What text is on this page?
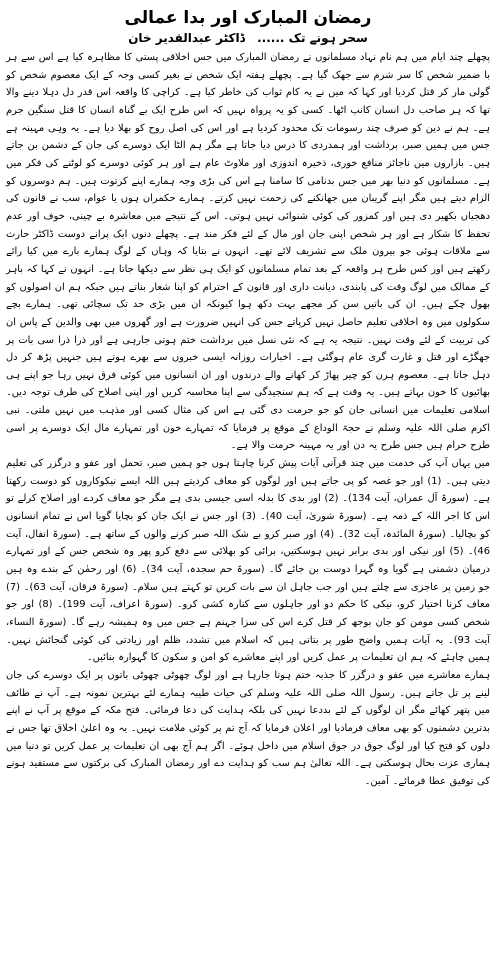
رمضان المبارک اور بدا عمالی
سحر ہونے تک ...... ڈاکٹر عبدالقدیر خان

پچھلے چند ایام میں ہم نام نہاد مسلمانوں نے رمضان المبارک میں جس اخلاقی پستی کا مظاہرہ کیا ہے اس سے ہر با ضمیر شخص کا سر شرم سے جھک گیا ہے۔ پچھلے ہفتہ ایک شخص نے بغیر کسی وجہ کے ایک معصوم شخص کو گولی مار کر قتل کردیا اور کہا کہ میں نے یہ کام ثواب کی خاطر کیا ہے۔ کراچی کا واقعہ اس قدر دل دہلا دینے والا تھا کہ ہر صاحب دل انسان کانپ اٹھا۔ کسی کو یہ پرواہ نہیں کہ اس طرح ایک بے گناہ انسان کا قتل سنگین جرم ہے۔ ہم نے دین کو صرف چند رسومات تک محدود کردیا ہے اور اس کی اصل روح کو بھلا دیا ہے۔ یہ وہی مہینہ ہے جس میں ہمیں صبر، برداشت اور ہمدردی کا درس دیا جاتا ہے مگر ہم الٹا ایک دوسرے کی جان کے دشمن بن جاتے ہیں۔ بازاروں میں ناجائز منافع خوری، ذخیرہ اندوزی اور ملاوٹ عام ہے اور ہر کوئی دوسرے کو لوٹنے کی فکر میں ہے۔ مسلمانوں کو دنیا بھر میں جس بدنامی کا سامنا ہے اس کی بڑی وجہ ہمارے اپنے کرتوت ہیں۔ ہم دوسروں کو الزام دیتے ہیں مگر اپنے گریبان میں جھانکنے کی زحمت نہیں کرتے۔ ہمارے حکمران ہوں یا عوام، سب نے قانون کی دھجیاں بکھیر دی ہیں اور کمزور کی کوئی شنوائی نہیں ہوتی۔ اس کے نتیجے میں معاشرہ بے چینی، خوف اور عدم تحفظ کا شکار ہے اور ہر شخص اپنی جان اور مال کے لئے فکر مند ہے۔ پچھلے دنوں ایک پرانے دوست ڈاکٹر حارث سے ملاقات ہوئی جو بیرون ملک سے تشریف لائے تھے۔ انہوں نے بتایا کہ وہاں کے لوگ ہمارے بارے میں کیا رائے رکھتے ہیں اور کس طرح ہر واقعہ کے بعد تمام مسلمانوں کو ایک ہی نظر سے دیکھا جاتا ہے۔ انہوں نے کہا کہ باہر کے ممالک میں لوگ وقت کی پابندی، دیانت داری اور قانون کے احترام کو اپنا شعار بناتے ہیں جبکہ ہم ان اصولوں کو بھول چکے ہیں۔ ان کی باتیں سن کر مجھے بہت دکھ ہوا کیونکہ ان میں بڑی حد تک سچائی تھی۔ ہمارے بچے سکولوں میں وہ اخلاقی تعلیم حاصل نہیں کرپاتے جس کی انہیں ضرورت ہے اور گھروں میں بھی والدین کے پاس ان کی تربیت کے لئے وقت نہیں۔ نتیجہ یہ ہے کہ نئی نسل میں برداشت ختم ہوتی جارہی ہے اور ذرا ذرا سی بات پر جھگڑے اور قتل و غارت گری عام ہوگئی ہے۔ اخبارات روزانہ ایسی خبروں سے بھرے ہوتے ہیں جنہیں پڑھ کر دل دہل جاتا ہے۔ معصوم ہرن کو چیر پھاڑ کر کھانے والے درندوں اور ان انسانوں میں کوئی فرق نہیں رہا جو اپنے ہی بھائیوں کا خون بہاتے ہیں۔ یہ وقت ہے کہ ہم سنجیدگی سے اپنا محاسبہ کریں اور اپنی اصلاح کی طرف توجہ دیں۔ اسلامی تعلیمات میں انسانی جان کو جو حرمت دی گئی ہے اس کی مثال کسی اور مذہب میں نہیں ملتی۔ نبی اکرم صلی اللہ علیہ وسلم نے حجۃ الوداع کے موقع پر فرمایا کہ تمہارے خون اور تمہارے مال ایک دوسرے پر اسی طرح حرام ہیں جس طرح یہ دن اور یہ مہینہ حرمت والا ہے۔

میں یہاں آپ کی خدمت میں چند قرآنی آیات پیش کرنا چاہتا ہوں جو ہمیں صبر، تحمل اور عفو و درگزر کی تعلیم دیتی ہیں۔ (1) اور جو غصہ کو پی جاتے ہیں اور لوگوں کو معاف کردیتے ہیں اللہ ایسے نیکوکاروں کو دوست رکھتا ہے۔ (سورۃ آل عمران، آیت 134)۔ (2) اور بدی کا بدلہ اسی جیسی بدی ہے مگر جو معاف کردے اور اصلاح کرلے تو اس کا اجر اللہ کے ذمہ ہے۔ (سورۃ شوریٰ، آیت 40)۔ (3) اور جس نے ایک جان کو بچایا گویا اس نے تمام انسانوں کو بچالیا۔ (سورۃ المائدہ، آیت 32)۔ (4) اور صبر کرو بے شک اللہ صبر کرنے والوں کے ساتھ ہے۔ (سورۃ انفال، آیت 46)۔ (5) اور نیکی اور بدی برابر نہیں ہوسکتیں، برائی کو بھلائی سے دفع کرو پھر وہ شخص جس کے اور تمہارے درمیان دشمنی ہے گویا وہ گہرا دوست بن جائے گا۔ (سورۃ حم سجدہ، آیت 34)۔ (6) اور رحمٰن کے بندے وہ ہیں جو زمین پر عاجزی سے چلتے ہیں اور جب جاہل ان سے بات کریں تو کہتے ہیں سلام۔ (سورۃ فرقان، آیت 63)۔ (7) معاف کرنا اختیار کرو، نیکی کا حکم دو اور جاہلوں سے کنارہ کشی کرو۔ (سورۃ اعراف، آیت 199)۔ (8) اور جو شخص کسی مومن کو جان بوجھ کر قتل کرے اس کی سزا جہنم ہے جس میں وہ ہمیشہ رہے گا۔ (سورۃ النساء، آیت 93)۔ یہ آیات ہمیں واضح طور پر بتاتی ہیں کہ اسلام میں تشدد، ظلم اور زیادتی کی کوئی گنجائش نہیں۔ ہمیں چاہئے کہ ہم ان تعلیمات پر عمل کریں اور اپنے معاشرے کو امن و سکون کا گہوارہ بنائیں۔

ہمارے معاشرے میں عفو و درگزر کا جذبہ ختم ہوتا جارہا ہے اور لوگ چھوٹی چھوٹی باتوں پر ایک دوسرے کی جان لینے پر تل جاتے ہیں۔ رسول اللہ صلی اللہ علیہ وسلم کی حیات طیبہ ہمارے لئے بہترین نمونہ ہے۔ آپ نے طائف میں پتھر کھائے مگر ان لوگوں کے لئے بددعا نہیں کی بلکہ ہدایت کی دعا فرمائی۔ فتح مکہ کے موقع پر آپ نے اپنے بدترین دشمنوں کو بھی معاف فرمادیا اور اعلان فرمایا کہ آج تم پر کوئی ملامت نہیں۔ یہ وہ اعلیٰ اخلاق تھا جس نے دلوں کو فتح کیا اور لوگ جوق در جوق اسلام میں داخل ہوئے۔ اگر ہم آج بھی ان تعلیمات پر عمل کریں تو دنیا میں ہماری عزت بحال ہوسکتی ہے۔ اللہ تعالیٰ ہم سب کو ہدایت دے اور رمضان المبارک کی برکتوں سے مستفید ہونے کی توفیق عطا فرمائے۔ آمین۔
